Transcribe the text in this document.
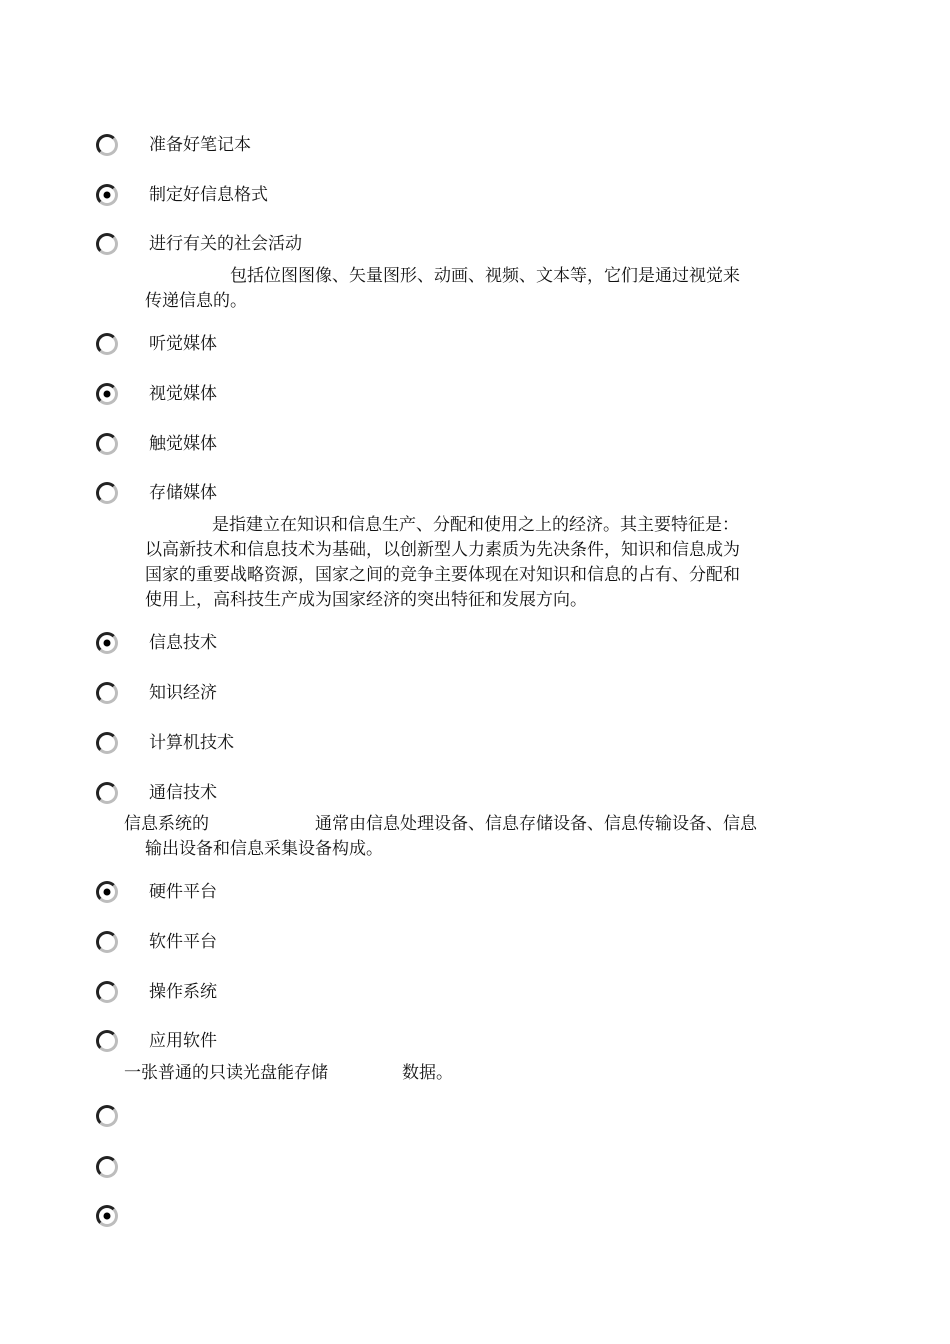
准备好笔记本
制定好信息格式
进行有关的社会活动
包括位图图像、矢量图形、动画、视频、文本等，它们是通过视觉来
传递信息的。
听觉媒体
视觉媒体
触觉媒体
存储媒体
是指建立在知识和信息生产、分配和使用之上的经济。其主要特征是：
以高新技术和信息技术为基础，以创新型人力素质为先决条件，知识和信息成为
国家的重要战略资源，国家之间的竞争主要体现在对知识和信息的占有、分配和
使用上，高科技生产成为国家经济的突出特征和发展方向。
信息技术
知识经济
计算机技术
通信技术
信息系统的	通常由信息处理设备、信息存储设备、信息传输设备、信息
输出设备和信息采集设备构成。
硬件平台
软件平台
操作系统
应用软件
一张普通的只读光盘能存储	数据。
